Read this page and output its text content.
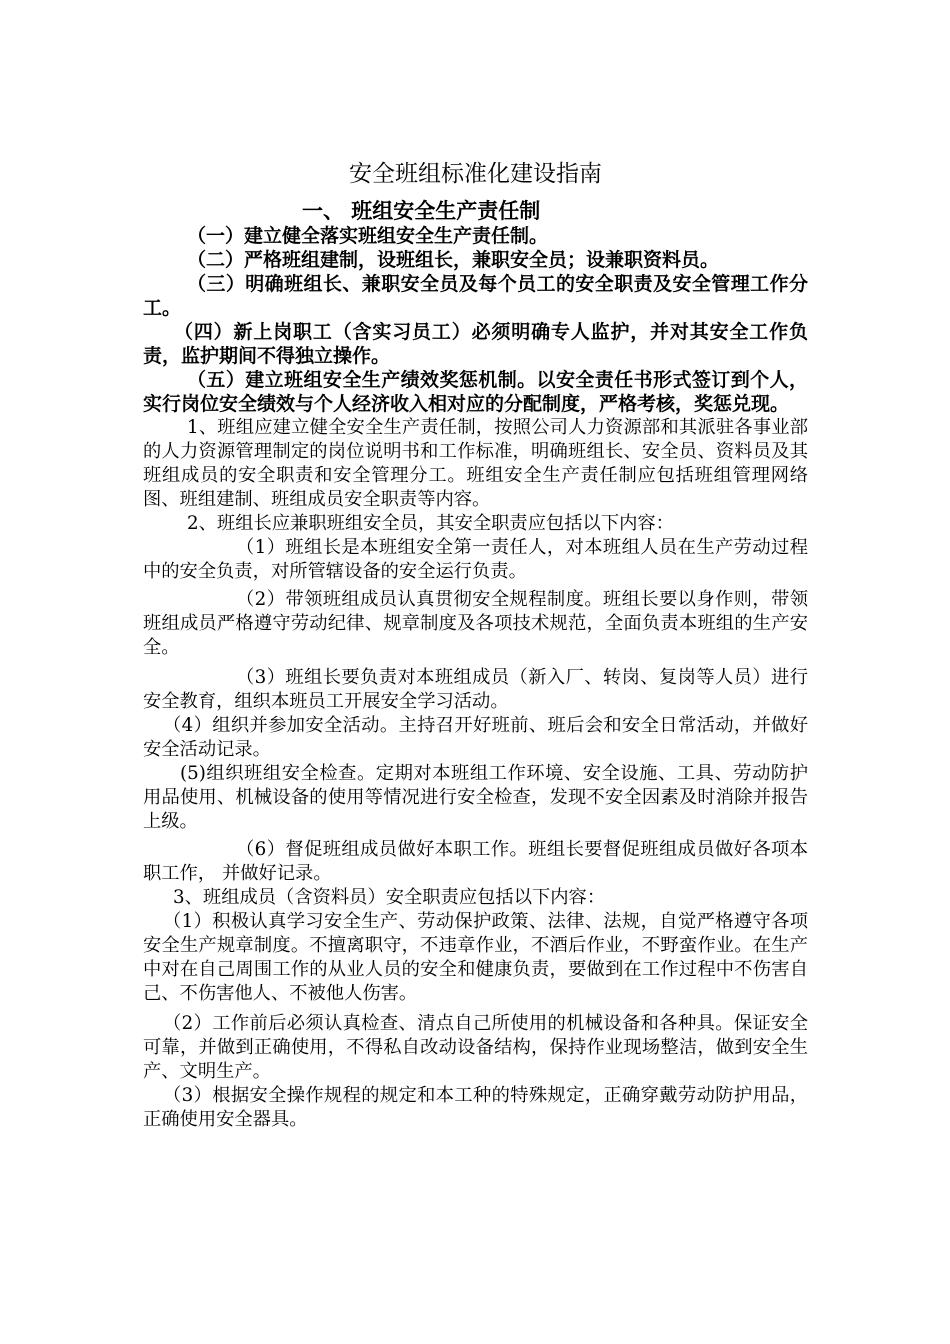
安全班组标准化建设指南
一、 班组安全生产责任制

（一）建立健全落实班组安全生产责任制。

（二）严格班组建制，设班组长，兼职安全员；设兼职资料员。

（三）明确班组长、兼职安全员及每个员工的安全职责及安全管理工作分工。

（四）新上岗职工（含实习员工）必须明确专人监护，并对其安全工作负责，监护期间不得独立操作。

（五）建立班组安全生产绩效奖惩机制。以安全责任书形式签订到个人，实行岗位安全绩效与个人经济收入相对应的分配制度，严格考核，奖惩兑现。

1、班组应建立健全安全生产责任制，按照公司人力资源部和其派驻各事业部的人力资源管理制定的岗位说明书和工作标准，明确班组长、安全员、资料员及其班组成员的安全职责和安全管理分工。班组安全生产责任制应包括班组管理网络图、班组建制、班组成员安全职责等内容。

2、班组长应兼职班组安全员，其安全职责应包括以下内容：

（1）班组长是本班组安全第一责任人，对本班组人员在生产劳动过程中的安全负责，对所管辖设备的安全运行负责。

（2）带领班组成员认真贯彻安全规程制度。班组长要以身作则，带领班组成员严格遵守劳动纪律、规章制度及各项技术规范，全面负责本班组的生产安全。

（3）班组长要负责对本班组成员（新入厂、转岗、复岗等人员）进行安全教育，组织本班员工开展安全学习活动。

（4）组织并参加安全活动。主持召开好班前、班后会和安全日常活动，并做好安全活动记录。

(5)组织班组安全检查。定期对本班组工作环境、安全设施、工具、劳动防护用品使用、机械设备的使用等情况进行安全检查，发现不安全因素及时消除并报告上级。

（6）督促班组成员做好本职工作。班组长要督促班组成员做好各项本职工作， 并做好记录。

3、班组成员（含资料员）安全职责应包括以下内容：

（1）积极认真学习安全生产、劳动保护政策、法律、法规，自觉严格遵守各项安全生产规章制度。不擅离职守，不违章作业，不酒后作业，不野蛮作业。在生产中对在自己周围工作的从业人员的安全和健康负责，要做到在工作过程中不伤害自己、不伤害他人、不被他人伤害。

（2）工作前后必须认真检查、清点自己所使用的机械设备和各种具。保证安全可靠，并做到正确使用，不得私自改动设备结构，保持作业现场整洁，做到安全生产、文明生产。

（3）根据安全操作规程的规定和本工种的特殊规定，正确穿戴劳动防护用品，正确使用安全器具。
